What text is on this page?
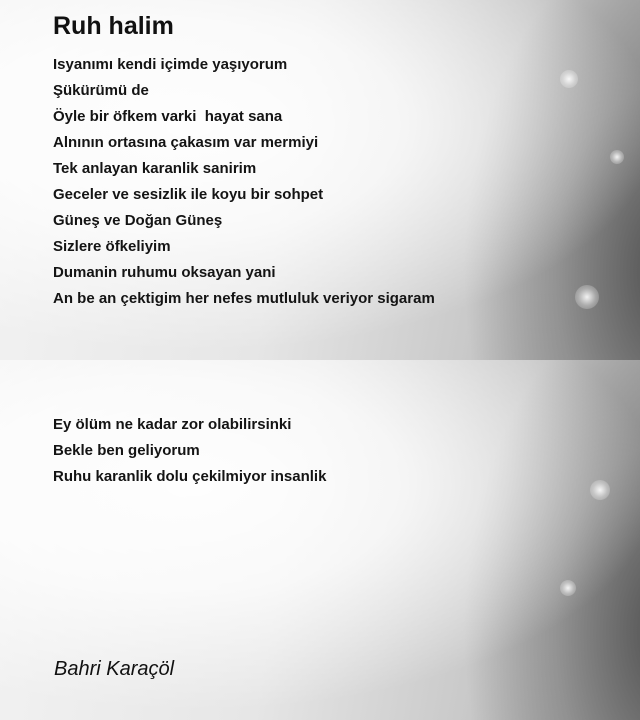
Ruh halim
Isyanımı kendi içimde yaşıyorum
Şükürümü de
Öyle bir öfkem varki  hayat sana
Alnının ortasına çakasım var mermiyi
Tek anlayan karanlik sanirim
Geceler ve sesizlik ile koyu bir sohpet
Güneş ve Doğan Güneş
Sizlere öfkeliyim
Dumanin ruhumu oksayan yani
An be an çektigim her nefes mutluluk veriyor sigaram
Ey ölüm ne kadar zor olabilirsinki
Bekle ben geliyorum
Ruhu karanlik dolu çekilmiyor insanlik
Bahri Karaçöl
